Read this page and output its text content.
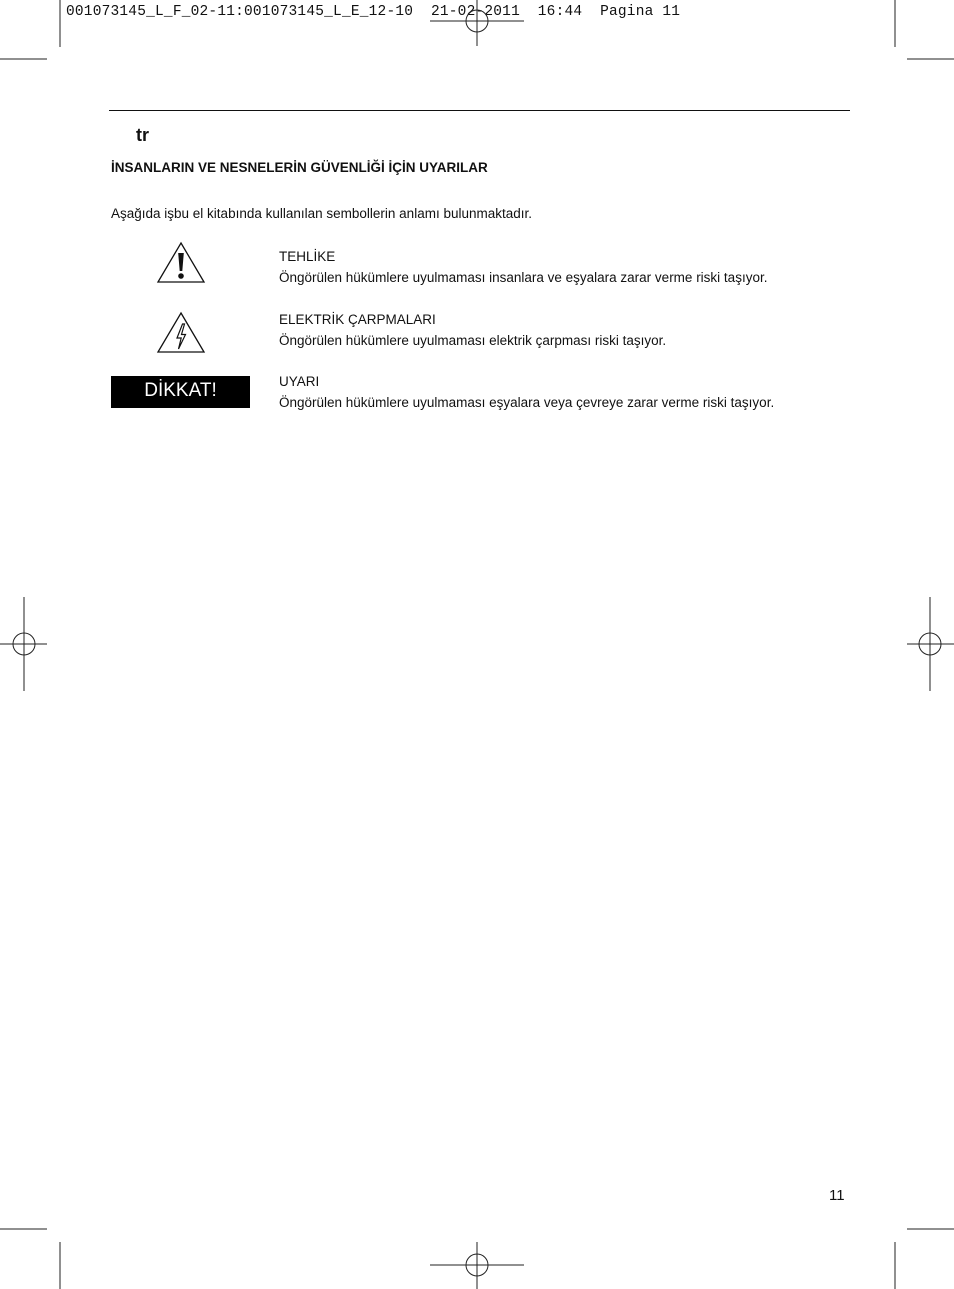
001073145_L_F_02-11:001073145_L_E_12-10  21-02-2011  16:44  Pagina 11
tr
İNSANLARIN VE NESNELERİN GÜVENLİĞİ İÇİN UYARILAR
Aşağıda işbu el kitabında kullanılan sembollerin anlamı bulunmaktadır.
TEHLİKE
Öngörülen hükümlere uyulmaması insanlara ve eşyalara zarar verme riski taşıyor.
ELEKTRİK ÇARPMALARI
Öngörülen hükümlere uyulmaması elektrik çarpması riski taşıyor.
DİKKAT!	UYARI
Öngörülen hükümlere uyulmaması eşyalara veya çevreye zarar verme riski taşıyor.
11
